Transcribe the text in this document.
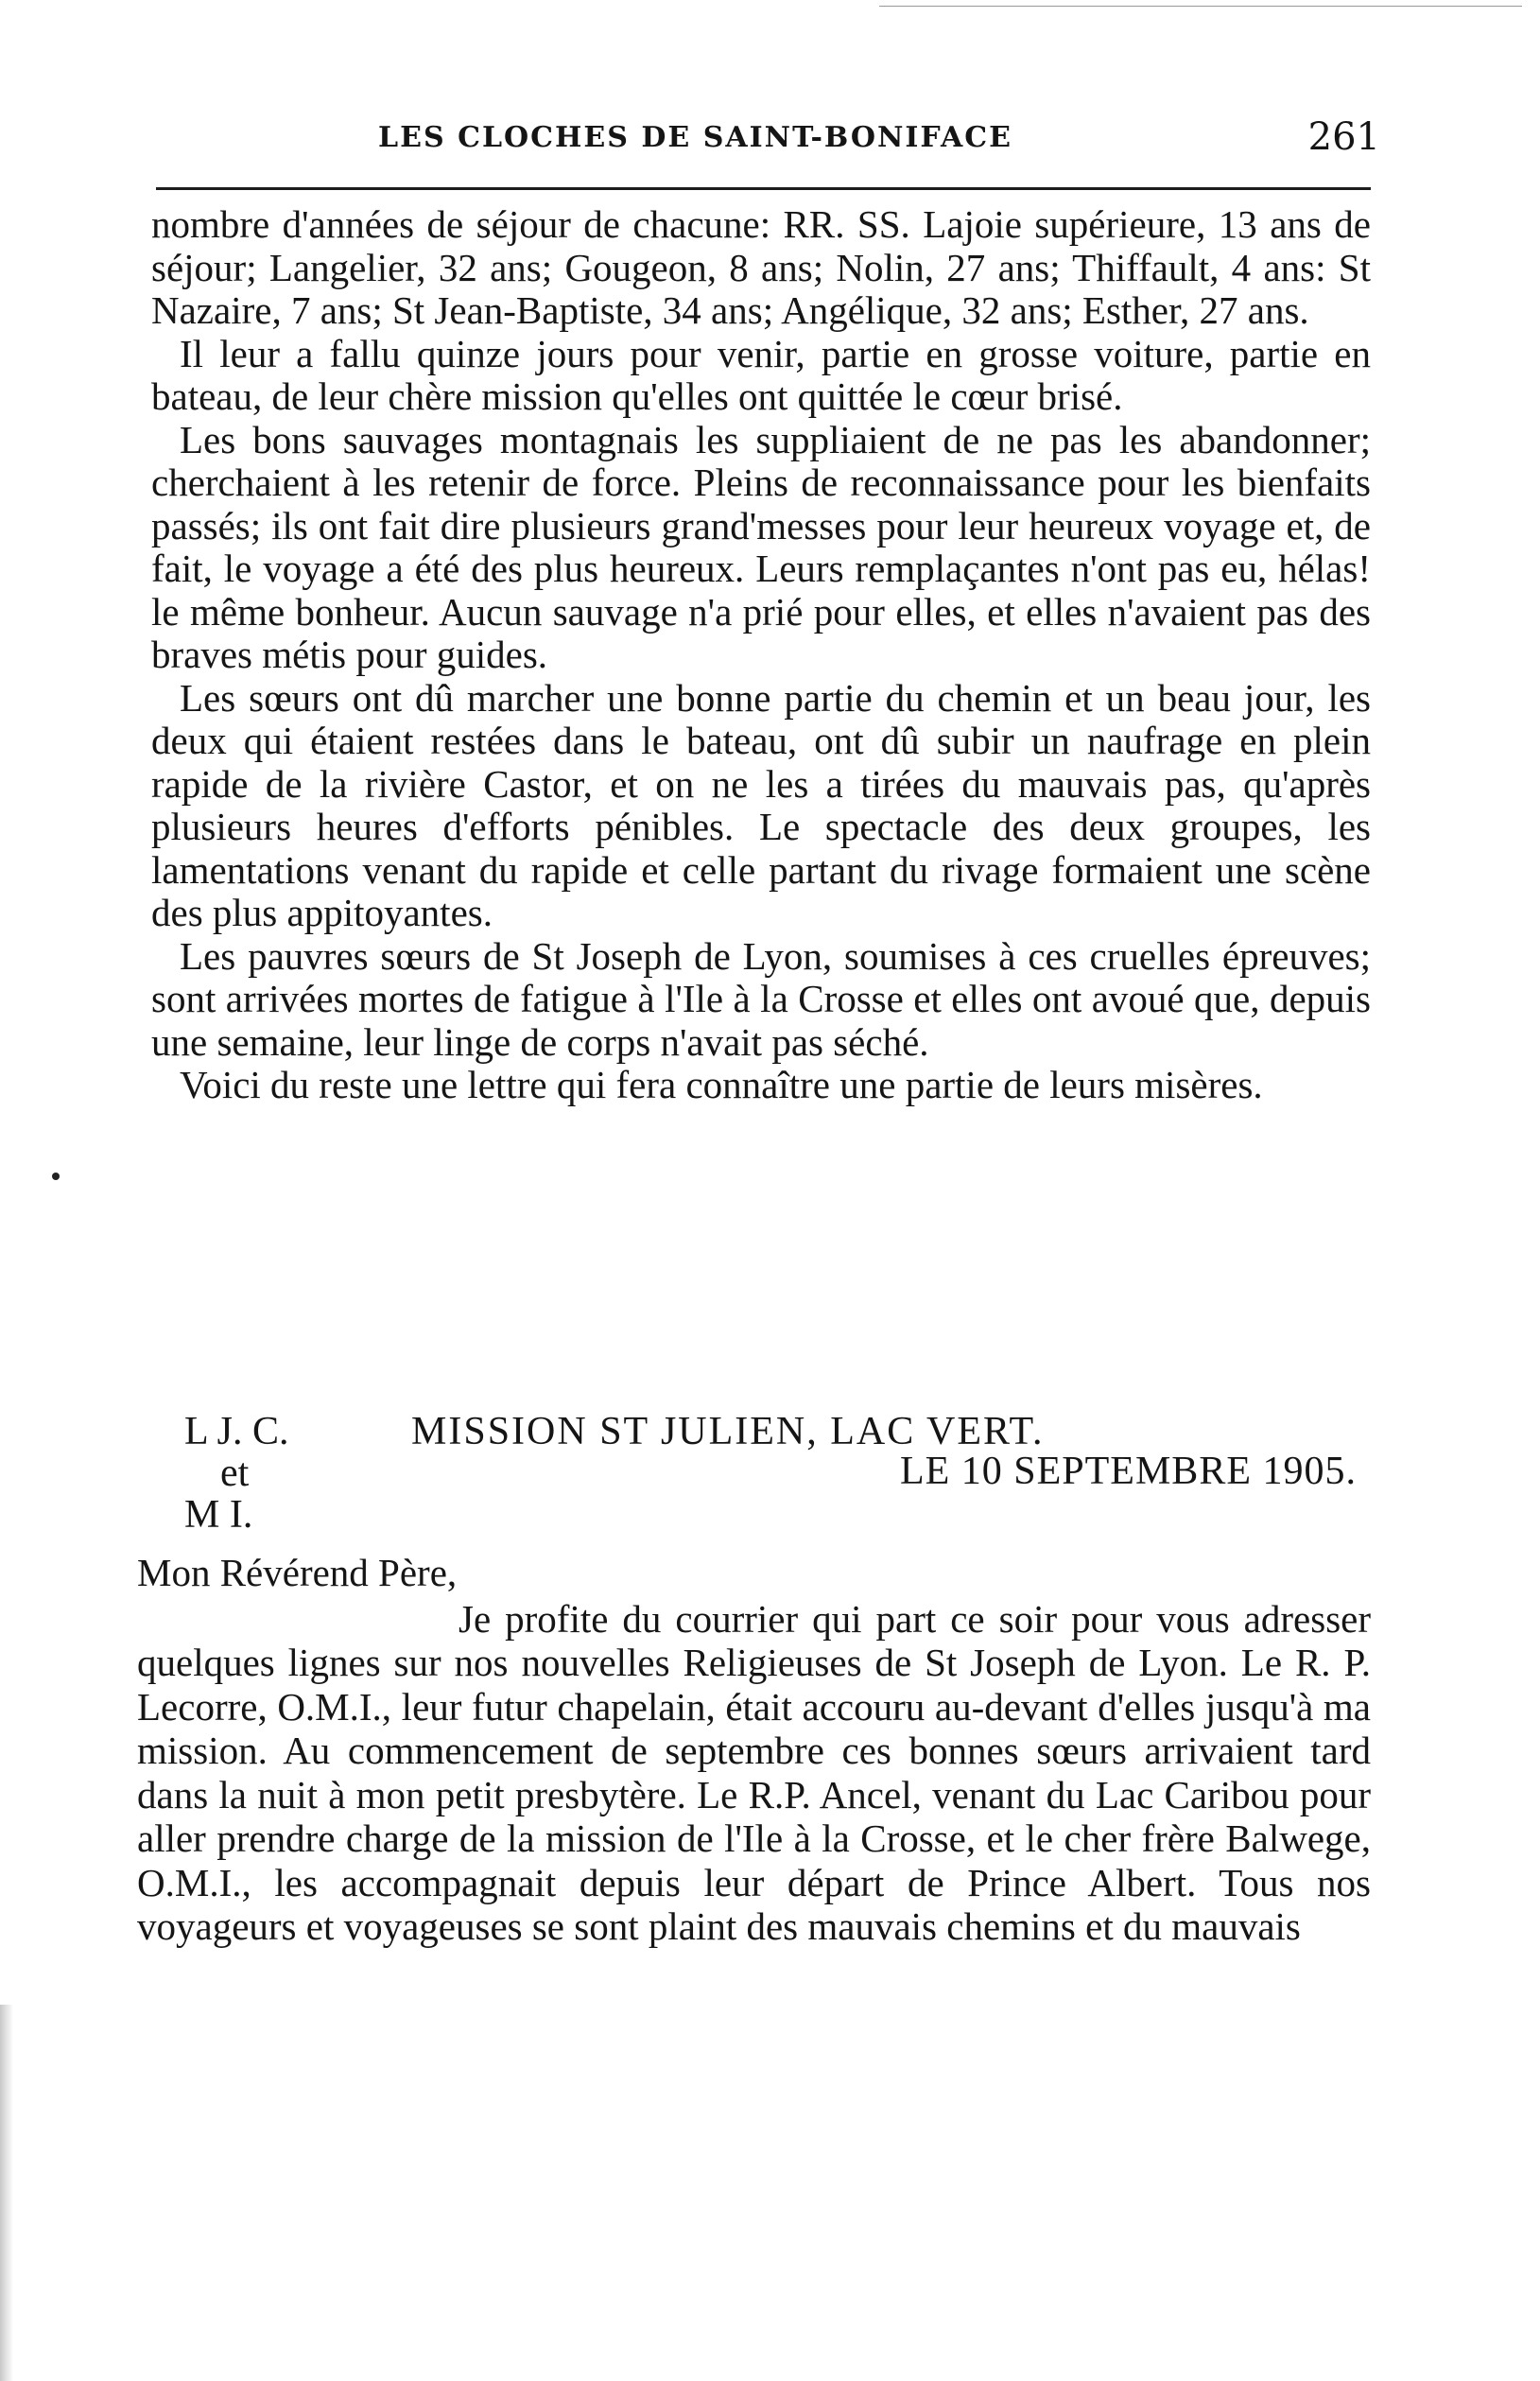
LES CLOCHES DE SAINT-BONIFACE	261

nombre d'années de séjour de chacune: RR. SS. Lajoie supérieure, 13 ans de séjour; Langelier, 32 ans; Gougeon, 8 ans; Nolin, 27 ans; Thiffault, 4 ans: St Nazaire, 7 ans; St Jean-Baptiste, 34 ans; Angélique, 32 ans; Esther, 27 ans.

Il leur a fallu quinze jours pour venir, partie en grosse voiture, partie en bateau, de leur chère mission qu'elles ont quittée le cœur brisé.

Les bons sauvages montagnais les suppliaient de ne pas les abandonner; cherchaient à les retenir de force. Pleins de reconnaissance pour les bienfaits passés; ils ont fait dire plusieurs grand'messes pour leur heureux voyage et, de fait, le voyage a été des plus heureux. Leurs remplaçantes n'ont pas eu, hélas! le même bonheur. Aucun sauvage n'a prié pour elles, et elles n'avaient pas des braves métis pour guides.

Les sœurs ont dû marcher une bonne partie du chemin et un beau jour, les deux qui étaient restées dans le bateau, ont dû subir un naufrage en plein rapide de la rivière Castor, et on ne les a tirées du mauvais pas, qu'après plusieurs heures d'efforts pénibles. Le spectacle des deux groupes, les lamentations venant du rapide et celle partant du rivage formaient une scène des plus appitoyantes.

Les pauvres sœurs de St Joseph de Lyon, soumises à ces cruelles épreuves; sont arrivées mortes de fatigue à l'Ile à la Crosse et elles ont avoué que, depuis une semaine, leur linge de corps n'avait pas séché.

Voici du reste une lettre qui fera connaître une partie de leurs misères.

L J. C.	MISSION ST JULIEN, LAC VERT.
et	LE 10 SEPTEMBRE 1905.
M I.

Mon Révérend Père,

Je profite du courrier qui part ce soir pour vous adresser quelques lignes sur nos nouvelles Religieuses de St Joseph de Lyon. Le R. P. Lecorre, O.M.I., leur futur chapelain, était accouru au-devant d'elles jusqu'à ma mission. Au commencement de septembre ces bonnes sœurs arrivaient tard dans la nuit à mon petit presbytère. Le R.P. Ancel, venant du Lac Caribou pour aller prendre charge de la mission de l'Ile à la Crosse, et le cher frère Balwege, O.M.I., les accompagnait depuis leur départ de Prince Albert. Tous nos voyageurs et voyageuses se sont plaint des mauvais chemins et du mauvais
